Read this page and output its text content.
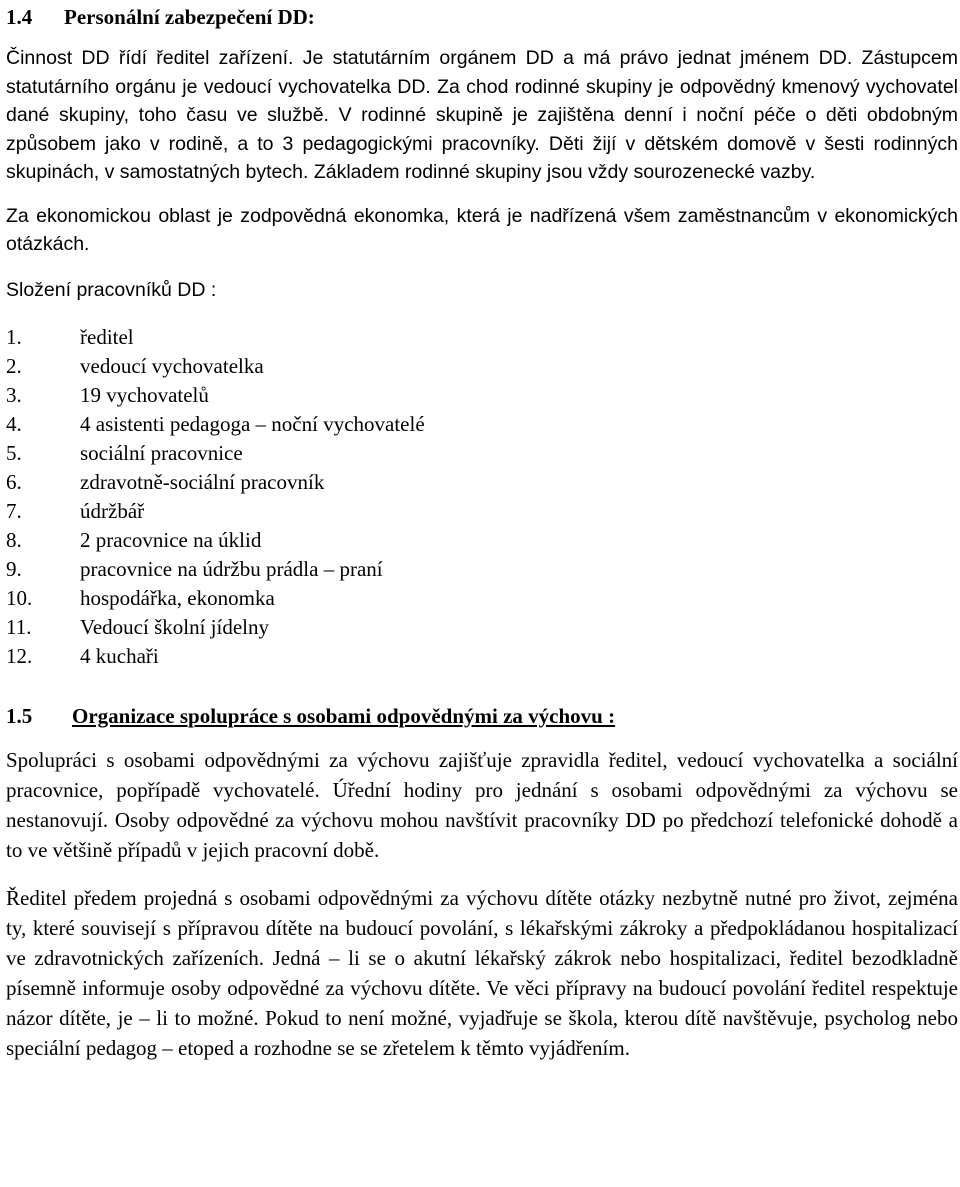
1.4 Personální zabezpečení DD:

Činnost DD řídí ředitel zařízení. Je statutárním orgánem DD a má právo jednat jménem DD. Zástupcem statutárního orgánu je vedoucí vychovatelka DD. Za chod rodinné skupiny je odpovědný kmenový vychovatel dané skupiny, toho času ve službě. V rodinné skupině je zajištěna denní i noční péče o děti obdobným způsobem jako v rodině, a to 3 pedagogickými pracovníky. Děti žijí v dětském domově v šesti rodinných skupinách, v samostatných bytech. Základem rodinné skupiny jsou vždy sourozenecké vazby.

Za ekonomickou oblast je zodpovědná ekonomka, která je nadřízená všem zaměstnancům v ekonomických otázkách.

Složení pracovníků DD :
1.	ředitel
2.	vedoucí vychovatelka
3.	19 vychovatelů
4.	4 asistenti pedagoga – noční vychovatelé
5.	sociální pracovnice
6.	zdravotně-sociální pracovník
7.	údržbář
8.	2 pracovnice na úklid
9.	pracovnice na údržbu prádla – praní
10. hospodářka, ekonomka
11. Vedoucí školní jídelny
12. 4 kuchaři
1.5 Organizace spolupráce s osobami odpovědnými za výchovu :

Spolupráci s osobami odpovědnými za výchovu zajišťuje zpravidla ředitel, vedoucí vychovatelka a sociální pracovnice, popřípadě vychovatelé. Úřední hodiny pro jednání s osobami odpovědnými za výchovu se nestanovují. Osoby odpovědné za výchovu mohou navštívit pracovníky DD po předchozí telefonické dohodě a to ve většině případů v jejich pracovní době.

Ředitel předem projedná s osobami odpovědnými za výchovu dítěte otázky nezbytně nutné pro život, zejména ty, které souvisejí s přípravou dítěte na budoucí povolání, s lékařskými zákroky a předpokládanou hospitalizací ve zdravotnických zařízeních. Jedná – li se o akutní lékařský zákrok nebo hospitalizaci, ředitel bezodkladně písemně informuje osoby odpovědné za výchovu dítěte. Ve věci přípravy na budoucí povolání ředitel respektuje názor dítěte, je – li to možné. Pokud to není možné, vyjadřuje se škola, kterou dítě navštěvuje, psycholog nebo speciální pedagog – etoped a rozhodne se se zřetelem k těmto vyjádřením.
